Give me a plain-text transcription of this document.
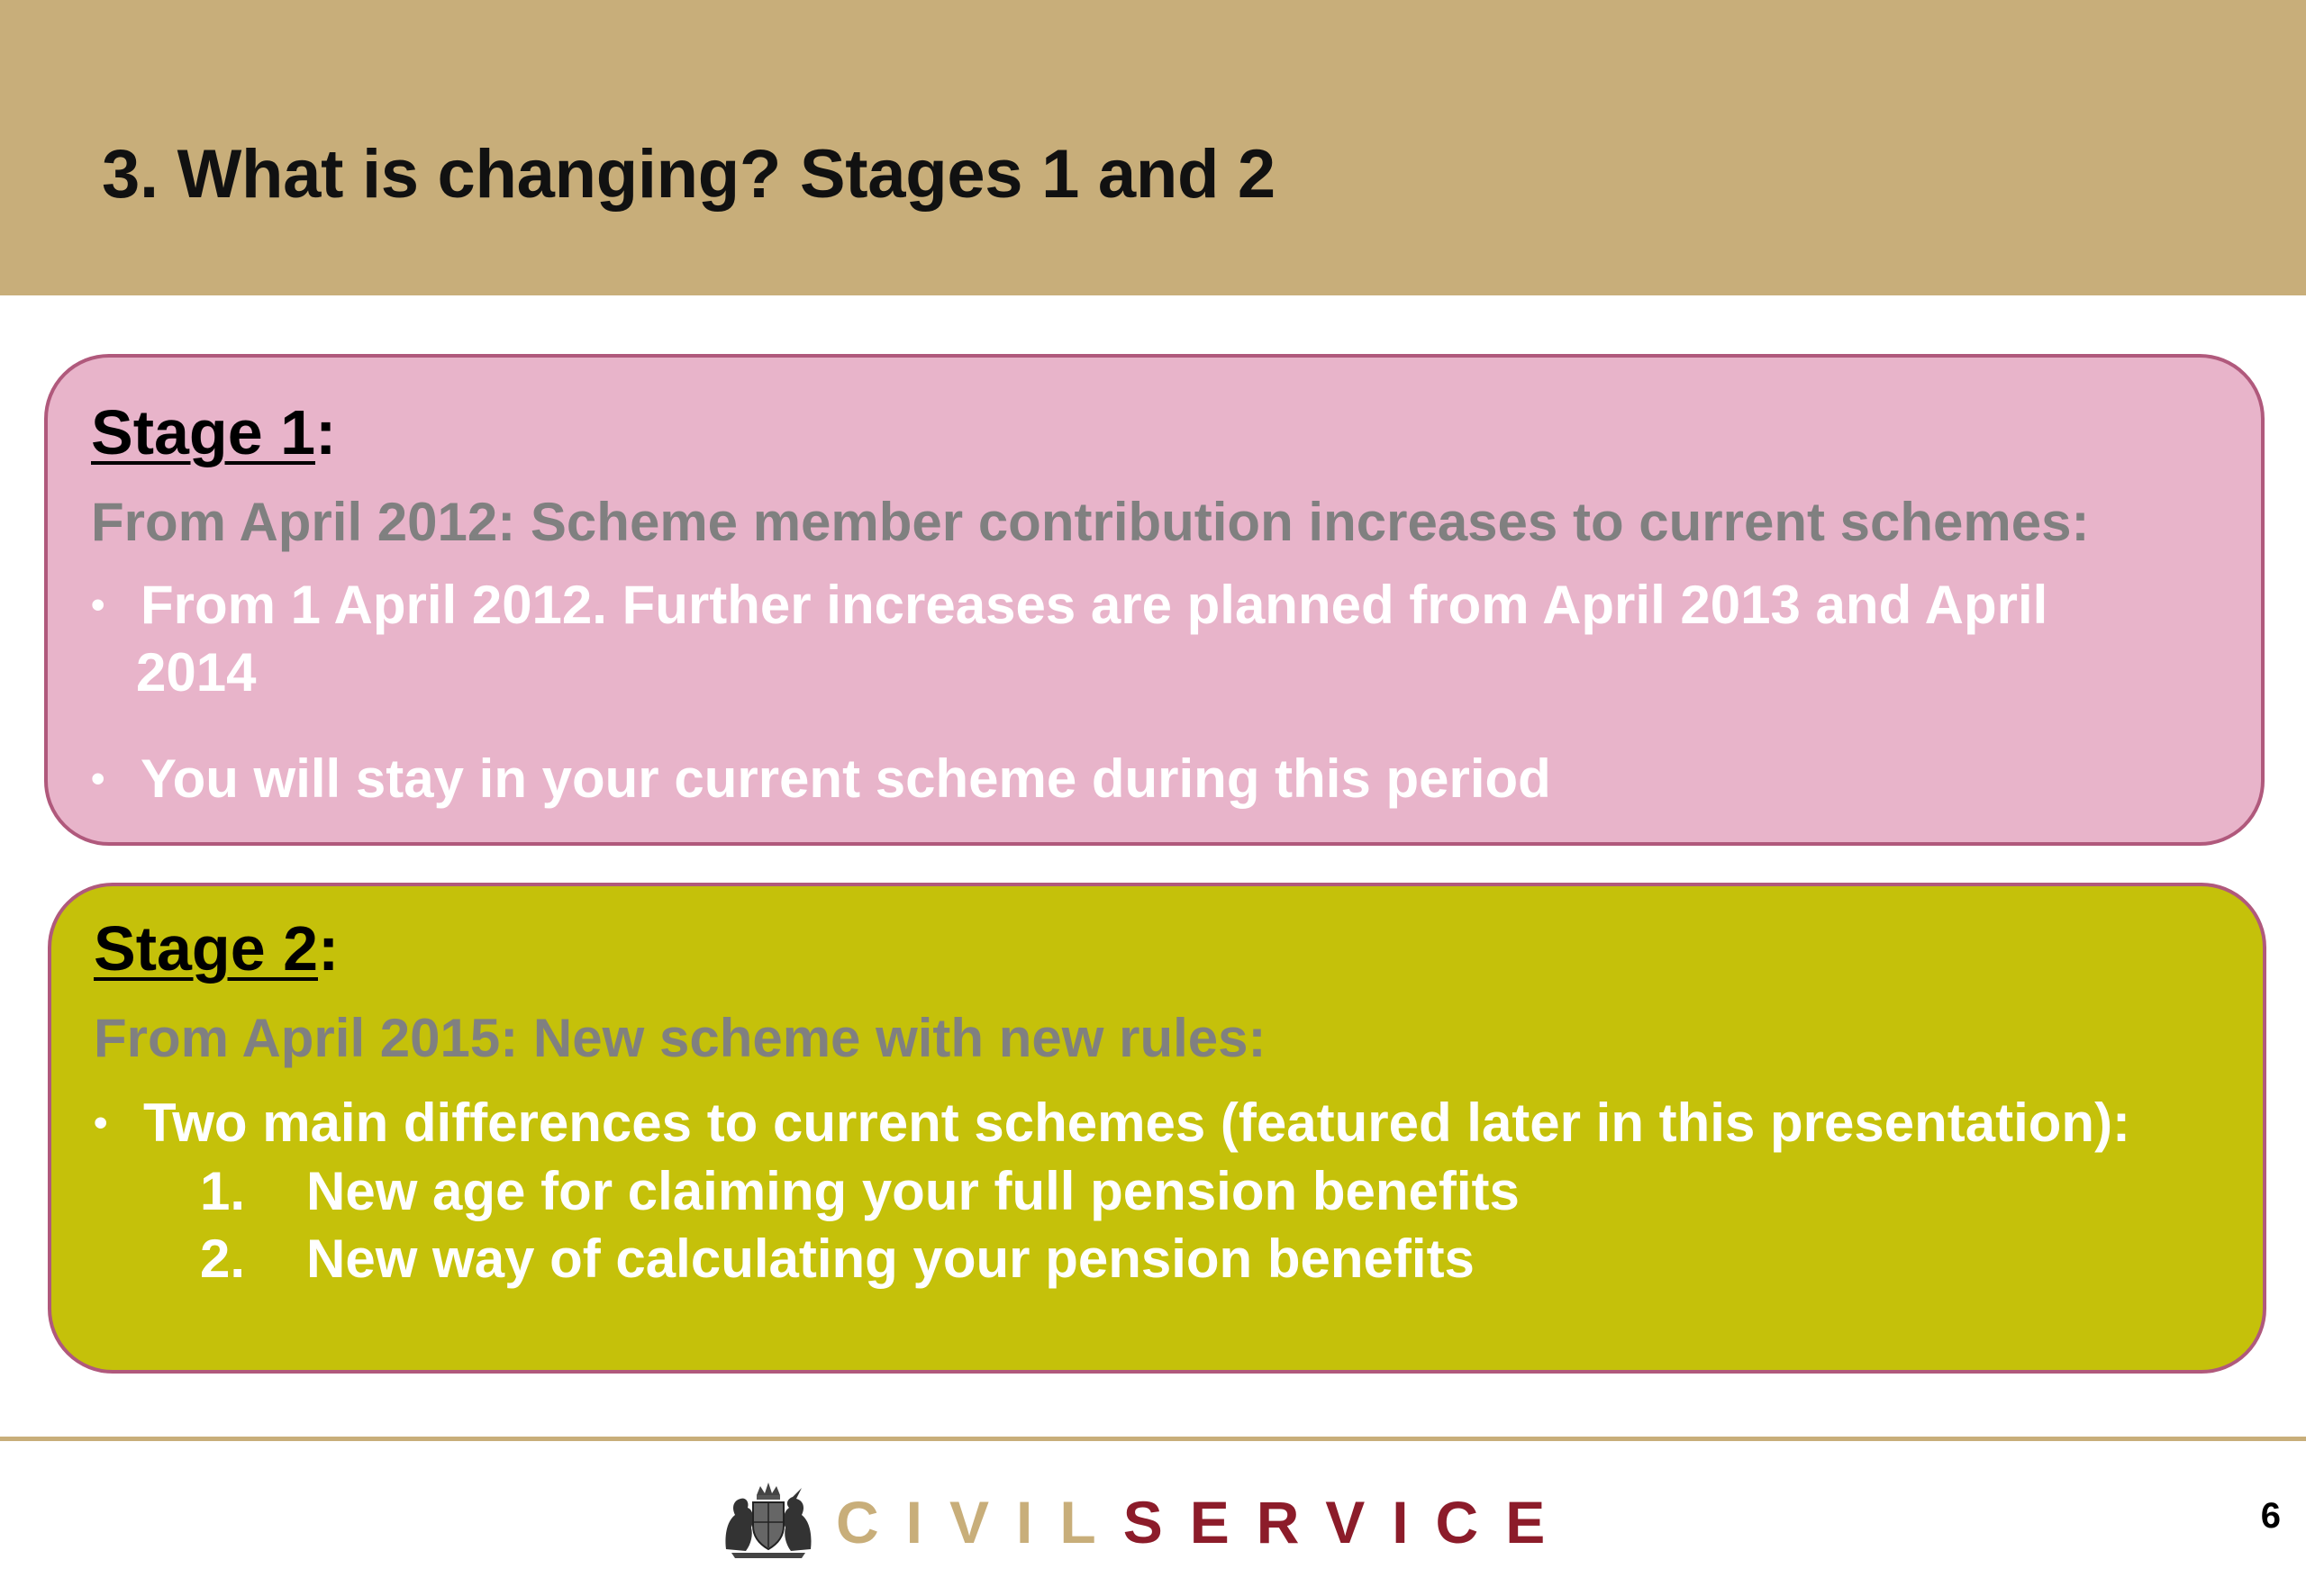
3. What is changing? Stages 1 and 2
Stage 1:
From April 2012: Scheme member contribution increases to current schemes:
• From 1 April 2012. Further increases are planned from April 2013 and April
2014
• You will stay in your current scheme during this period
Stage 2:
From April 2015: New scheme with new rules:
• Two main differences to current schemes (featured later in this presentation):
1. New age for claiming your full pension benefits
2. New way of calculating your pension benefits
CIVILSERVICE	6
